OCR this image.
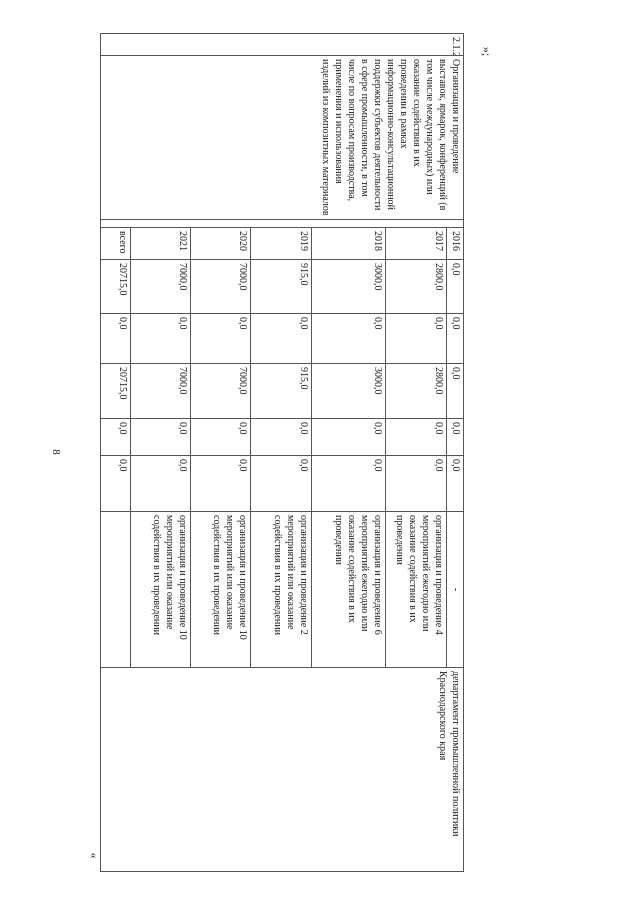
8
«
»;
2.1.2	Организация и проведение выставок, ярмарок, конференций (в том числе международных) или оказание содействия в их проведении в рамках информационно-консультационной поддержки субъектов деятельности в сфере промышленности, в том числе по вопросам производства, применения и использования изделий из композитных материалов		2016	0,0	0,0	0,0	0,0	0,0	-	департамент промышленной политики Краснодарского края
			2017	2800,0	0,0	2800,0	0,0	0,0	организация и проведение 4 мероприятий ежегодно или оказание содействия в их проведении	
			2018	3000,0	0,0	3000,0	0,0	0,0	организация и проведение 6 мероприятий ежегодно или оказание содействия в их проведении	
			2019	915,0	0,0	915,0	0,0	0,0	организация и проведение 2 мероприятий или оказание содействия в их проведении	
			2020	7000,0	0,0	7000,0	0,0	0,0	организация и проведение 10 мероприятий или оказание содействия в их проведении	
			2021	7000,0	0,0	7000,0	0,0	0,0	организация и проведение 10 мероприятий или оказание содействия в их проведении	
			всего	20715,0	0,0	20715,0	0,0	0,0		
